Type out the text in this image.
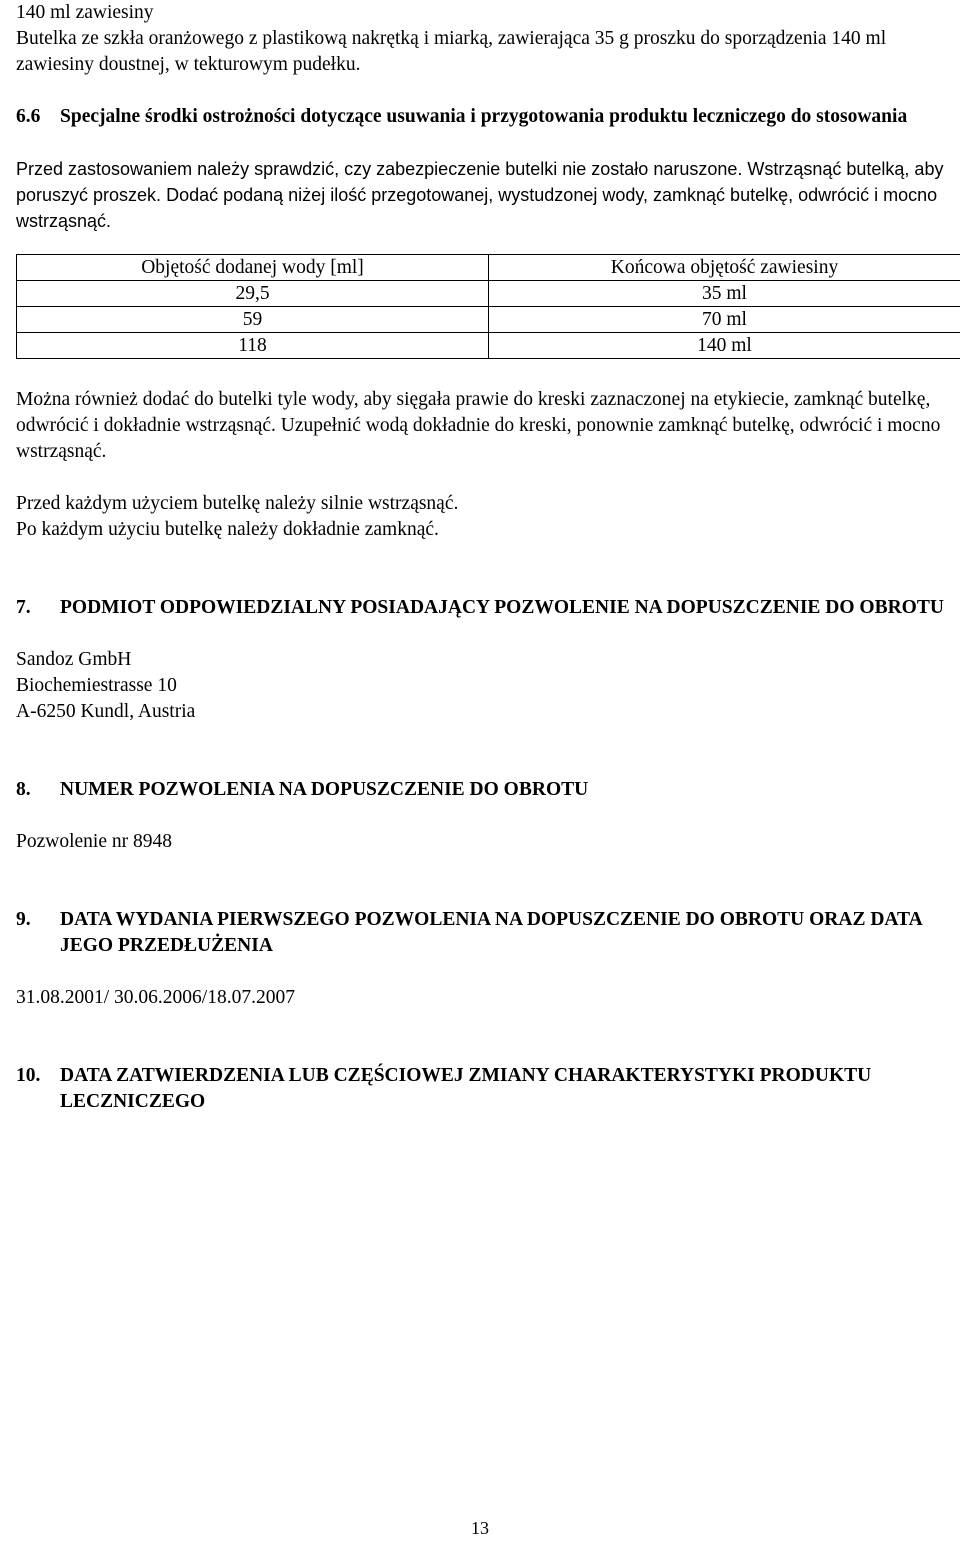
140 ml zawiesiny

Butelka ze szkła oranżowego z plastikową nakrętką i miarką, zawierająca 35 g proszku do sporządzenia 140 ml zawiesiny doustnej, w tekturowym pudełku.

6.6	Specjalne środki ostrożności dotyczące usuwania i przygotowania produktu leczniczego do stosowania

Przed zastosowaniem należy sprawdzić, czy zabezpieczenie butelki nie zostało naruszone. Wstrząsnąć butelką, aby poruszyć proszek. Dodać podaną niżej ilość przegotowanej, wystudzonej wody, zamknąć butelkę, odwrócić i mocno wstrząsnąć.

Objętość dodanej wody [ml]	Końcowa objętość zawiesiny
29,5	35 ml
59	70 ml
118	140 ml

Można również dodać do butelki tyle wody, aby sięgała prawie do kreski zaznaczonej na etykiecie, zamknąć butelkę, odwrócić i dokładnie wstrząsnąć. Uzupełnić wodą dokładnie do kreski, ponownie zamknąć butelkę, odwrócić i mocno wstrząsnąć.

Przed każdym użyciem butelkę należy silnie wstrząsnąć.

Po każdym użyciu butelkę należy dokładnie zamknąć.

7.	PODMIOT ODPOWIEDZIALNY POSIADAJĄCY POZWOLENIE NA DOPUSZCZENIE DO OBROTU

Sandoz GmbH

Biochemiestrasse 10

A-6250 Kundl, Austria

8.	NUMER POZWOLENIA NA DOPUSZCZENIE DO OBROTU

Pozwolenie nr 8948

9.	DATA WYDANIA PIERWSZEGO POZWOLENIA NA DOPUSZCZENIE DO OBROTU ORAZ DATA JEGO PRZEDŁUŻENIA

31.08.2001/ 30.06.2006/18.07.2007

10.	DATA ZATWIERDZENIA LUB CZĘŚCIOWEJ ZMIANY CHARAKTERYSTYKI PRODUKTU LECZNICZEGO
13
